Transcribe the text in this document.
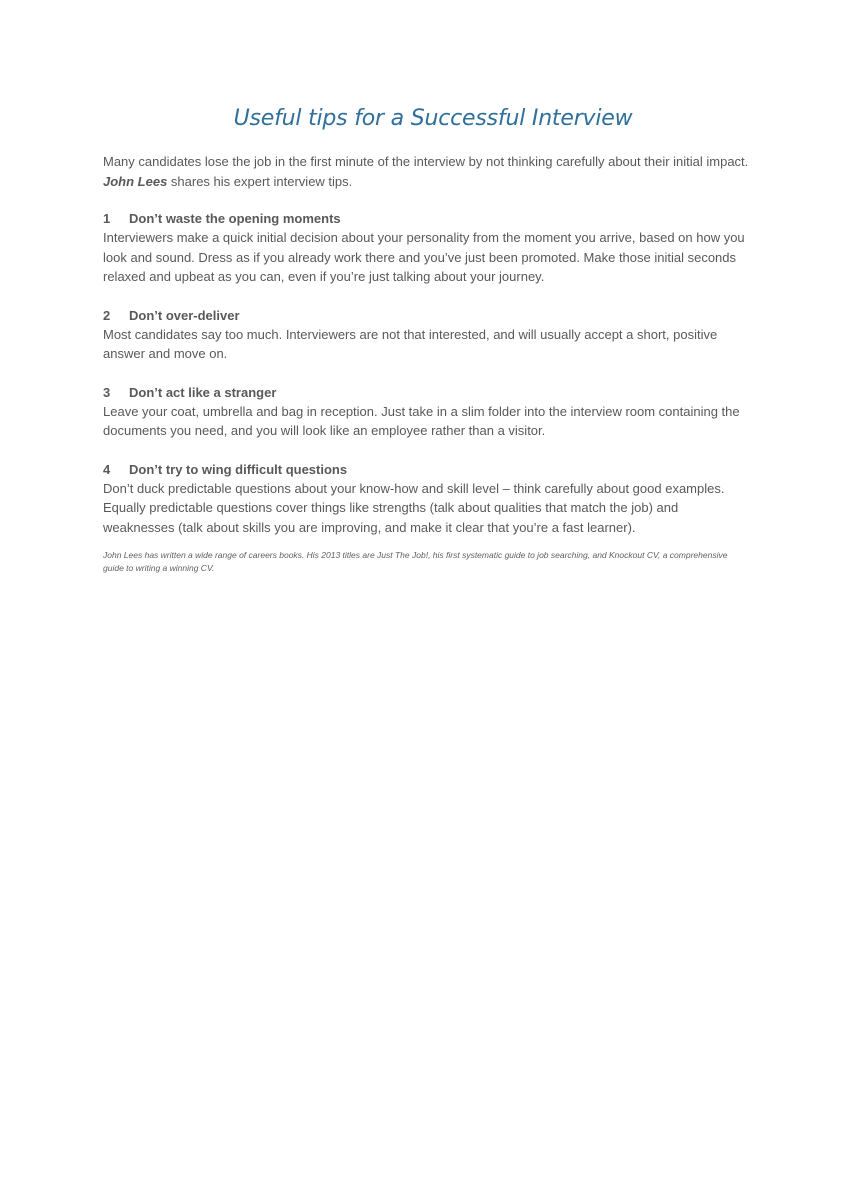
Useful tips for a Successful Interview

Many candidates lose the job in the first minute of the interview by not thinking carefully about their initial impact. John Lees shares his expert interview tips.

1 Don’t waste the opening moments

Interviewers make a quick initial decision about your personality from the moment you arrive, based on how you look and sound. Dress as if you already work there and you’ve just been promoted. Make those initial seconds relaxed and upbeat as you can, even if you’re just talking about your journey.

2 Don’t over-deliver

Most candidates say too much. Interviewers are not that interested, and will usually accept a short, positive answer and move on.

3 Don’t act like a stranger

Leave your coat, umbrella and bag in reception. Just take in a slim folder into the interview room containing the documents you need, and you will look like an employee rather than a visitor.

4 Don’t try to wing difficult questions

Don’t duck predictable questions about your know-how and skill level – think carefully about good examples. Equally predictable questions cover things like strengths (talk about qualities that match the job) and weaknesses (talk about skills you are improving, and make it clear that you’re a fast learner).

John Lees has written a wide range of careers books. His 2013 titles are Just The Job!, his first systematic guide to job searching, and Knockout CV, a comprehensive guide to writing a winning CV.
